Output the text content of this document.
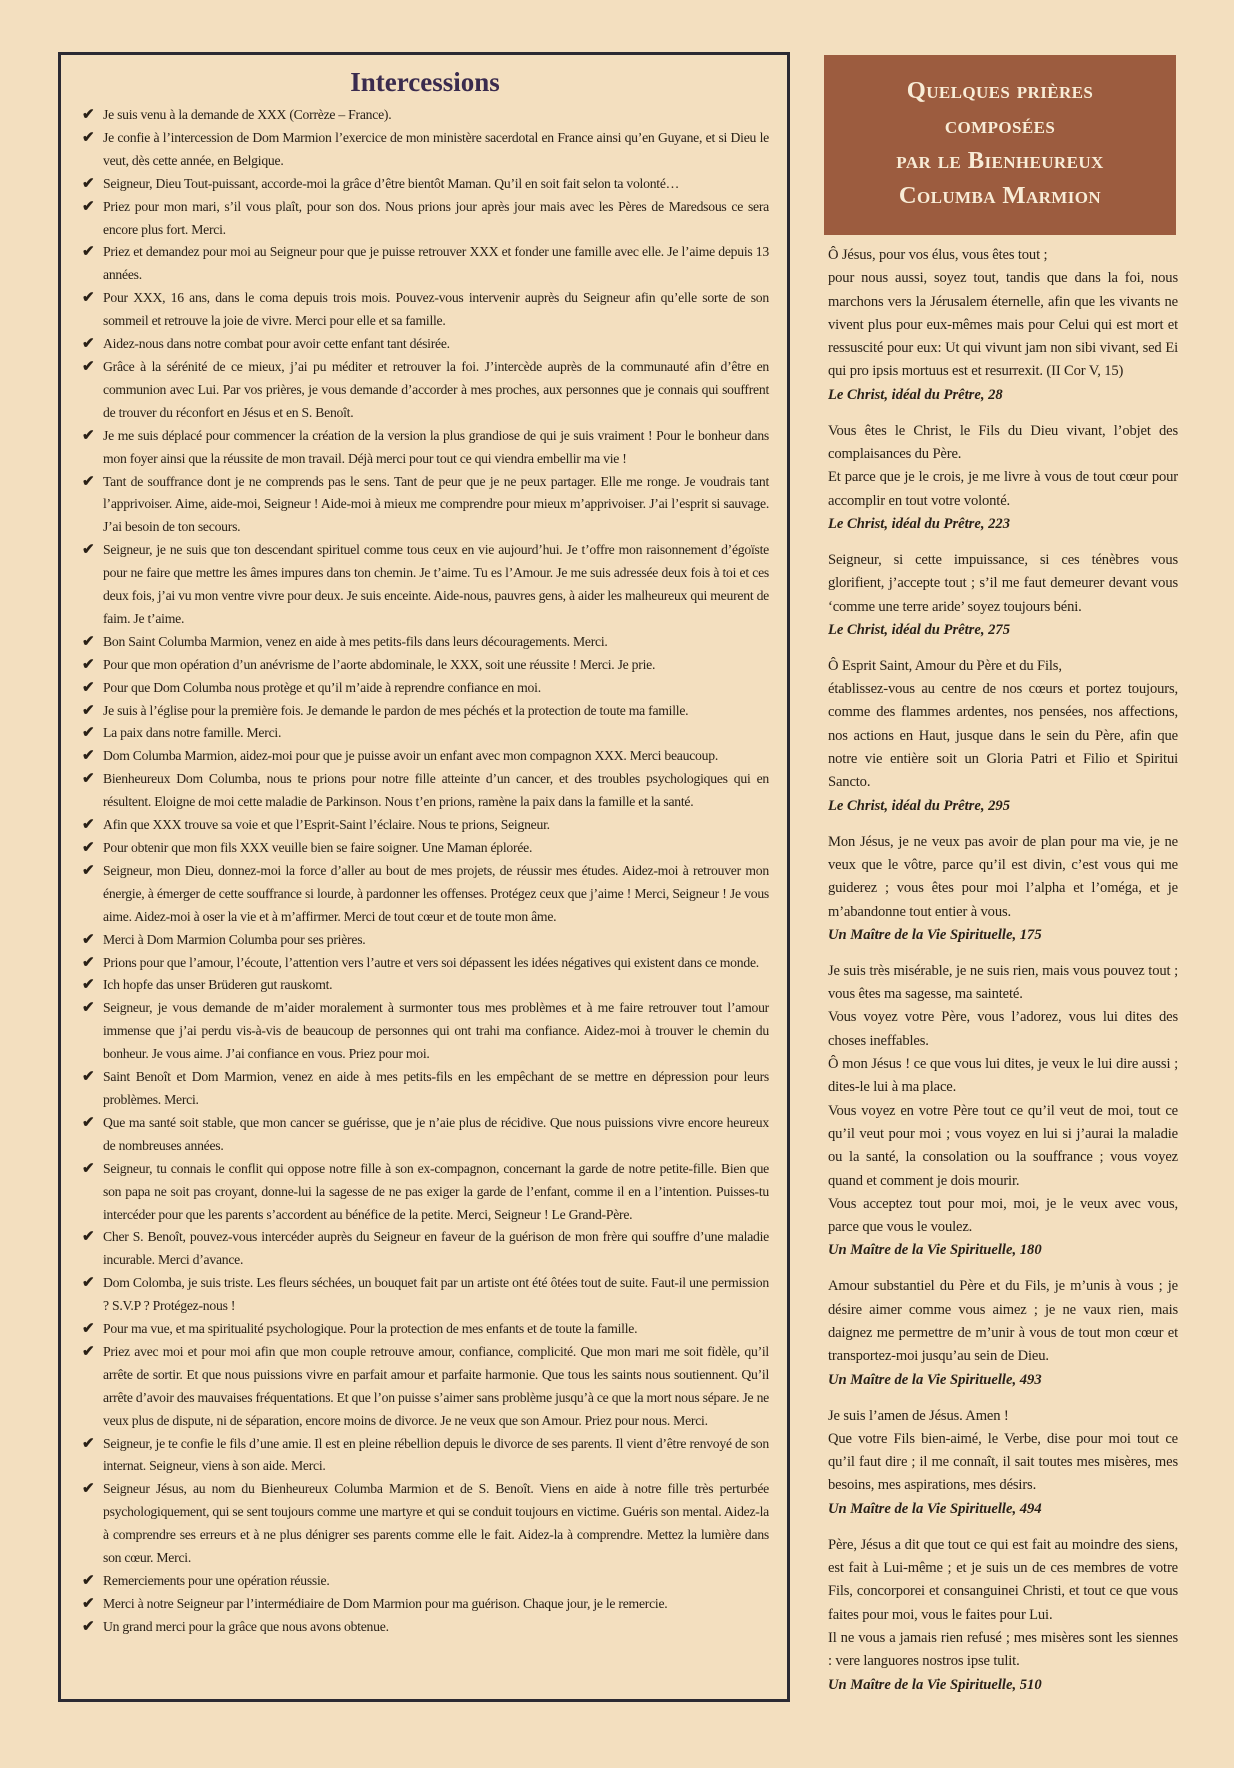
Intercessions
✔ Je suis venu à la demande de XXX (Corrèze – France).
✔ Je confie à l’intercession de Dom Marmion l’exercice de mon ministère sacerdotal en France ainsi qu’en Guyane, et si Dieu le veut, dès cette année, en Belgique.
✔ Seigneur, Dieu Tout-puissant, accorde-moi la grâce d’être bientôt Maman. Qu’il en soit fait selon ta volonté…
✔ Priez pour mon mari, s’il vous plaît, pour son dos. Nous prions jour après jour mais avec les Pères de Maredsous ce sera encore plus fort. Merci.
✔ Priez et demandez pour moi au Seigneur pour que je puisse retrouver XXX et fonder une famille avec elle. Je l’aime depuis 13 années.
✔ Pour XXX, 16 ans, dans le coma depuis trois mois. Pouvez-vous intervenir auprès du Seigneur afin qu’elle sorte de son sommeil et retrouve la joie de vivre. Merci pour elle et sa famille.
✔ Aidez-nous dans notre combat pour avoir cette enfant tant désirée.
✔ Grâce à la sérénité de ce mieux, j’ai pu méditer et retrouver la foi. J’intercède auprès de la communauté afin d’être en communion avec Lui. Par vos prières, je vous demande d’accorder à mes proches, aux personnes que je connais qui souffrent de trouver du réconfort en Jésus et en S. Benoît.
✔ Je me suis déplacé pour commencer la création de la version la plus grandiose de qui je suis vraiment ! Pour le bonheur dans mon foyer ainsi que la réussite de mon travail. Déjà merci pour tout ce qui viendra embellir ma vie !
✔ Tant de souffrance dont je ne comprends pas le sens. Tant de peur que je ne peux partager. Elle me ronge. Je voudrais tant l’apprivoiser. Aime, aide-moi, Seigneur ! Aide-moi à mieux me comprendre pour mieux m’apprivoiser. J’ai l’esprit si sauvage. J’ai besoin de ton secours.
✔ Seigneur, je ne suis que ton descendant spirituel comme tous ceux en vie aujourd’hui. Je t’offre mon raisonnement d’égoïste pour ne faire que mettre les âmes impures dans ton chemin. Je t’aime. Tu es l’Amour. Je me suis adressée deux fois à toi et ces deux fois, j’ai vu mon ventre vivre pour deux. Je suis enceinte. Aide-nous, pauvres gens, à aider les malheureux qui meurent de faim. Je t’aime.
✔ Bon Saint Columba Marmion, venez en aide à mes petits-fils dans leurs découragements. Merci.
✔ Pour que mon opération d’un anévrisme de l’aorte abdominale, le XXX, soit une réussite ! Merci. Je prie.
✔ Pour que Dom Columba nous protège et qu’il m’aide à reprendre confiance en moi.
✔ Je suis à l’église pour la première fois. Je demande le pardon de mes péchés et la protection de toute ma famille.
✔ La paix dans notre famille. Merci.
✔ Dom Columba Marmion, aidez-moi pour que je puisse avoir un enfant avec mon compagnon XXX. Merci beaucoup.
✔ Bienheureux Dom Columba, nous te prions pour notre fille atteinte d’un cancer, et des troubles psychologiques qui en résultent. Eloigne de moi cette maladie de Parkinson. Nous t’en prions, ramène la paix dans la famille et la santé.
✔ Afin que XXX trouve sa voie et que l’Esprit-Saint l’éclaire. Nous te prions, Seigneur.
✔ Pour obtenir que mon fils XXX veuille bien se faire soigner. Une Maman éplorée.
✔ Seigneur, mon Dieu, donnez-moi la force d’aller au bout de mes projets, de réussir mes études. Aidez-moi à retrouver mon énergie, à émerger de cette souffrance si lourde, à pardonner les offenses. Protégez ceux que j’aime ! Merci, Seigneur ! Je vous aime. Aidez-moi à oser la vie et à m’affirmer. Merci de tout cœur et de toute mon âme.
✔ Merci à Dom Marmion Columba pour ses prières.
✔ Prions pour que l’amour, l’écoute, l’attention vers l’autre et vers soi dépassent les idées négatives qui existent dans ce monde.
✔ Ich hopfe das unser Brüderen gut rauskomt.
✔ Seigneur, je vous demande de m’aider moralement à surmonter tous mes problèmes et à me faire retrouver tout l’amour immense que j’ai perdu vis-à-vis de beaucoup de personnes qui ont trahi ma confiance. Aidez-moi à trouver le chemin du bonheur. Je vous aime. J’ai confiance en vous. Priez pour moi.
✔ Saint Benoît et Dom Marmion, venez en aide à mes petits-fils en les empêchant de se mettre en dépression pour leurs problèmes. Merci.
✔ Que ma santé soit stable, que mon cancer se guérisse, que je n’aie plus de récidive. Que nous puissions vivre encore heureux de nombreuses années.
✔ Seigneur, tu connais le conflit qui oppose notre fille à son ex-compagnon, concernant la garde de notre petite-fille. Bien que son papa ne soit pas croyant, donne-lui la sagesse de ne pas exiger la garde de l’enfant, comme il en a l’intention. Puisses-tu intercéder pour que les parents s’accordent au bénéfice de la petite. Merci, Seigneur ! Le Grand-Père.
✔ Cher S. Benoît, pouvez-vous intercéder auprès du Seigneur en faveur de la guérison de mon frère qui souffre d’une maladie incurable. Merci d’avance.
✔ Dom Colomba, je suis triste. Les fleurs séchées, un bouquet fait par un artiste ont été ôtées tout de suite. Faut-il une permission ? S.V.P ? Protégez-nous !
✔ Pour ma vue, et ma spiritualité psychologique. Pour la protection de mes enfants et de toute la famille.
✔ Priez avec moi et pour moi afin que mon couple retrouve amour, confiance, complicité. Que mon mari me soit fidèle, qu’il arrête de sortir. Et que nous puissions vivre en parfait amour et parfaite harmonie. Que tous les saints nous soutiennent. Qu’il arrête d’avoir des mauvaises fréquentations. Et que l’on puisse s’aimer sans problème jusqu’à ce que la mort nous sépare. Je ne veux plus de dispute, ni de séparation, encore moins de divorce. Je ne veux que son Amour. Priez pour nous. Merci.
✔ Seigneur, je te confie le fils d’une amie. Il est en pleine rébellion depuis le divorce de ses parents. Il vient d’être renvoyé de son internat. Seigneur, viens à son aide. Merci.
✔ Seigneur Jésus, au nom du Bienheureux Columba Marmion et de S. Benoît. Viens en aide à notre fille très perturbée psychologiquement, qui se sent toujours comme une martyre et qui se conduit toujours en victime. Guéris son mental. Aidez-la à comprendre ses erreurs et à ne plus dénigrer ses parents comme elle le fait. Aidez-la à comprendre. Mettez la lumière dans son cœur. Merci.
✔ Remerciements pour une opération réussie.
✔ Merci à notre Seigneur par l’intermédiaire de Dom Marmion pour ma guérison. Chaque jour, je le remercie.
✔ Un grand merci pour la grâce que nous avons obtenue.
Quelques prières
composées
par le Bienheureux
Columba Marmion
Ô Jésus, pour vos élus, vous êtes tout ;
pour nous aussi, soyez tout, tandis que dans la foi, nous marchons vers la Jérusalem éternelle, afin que les vivants ne vivent plus pour eux-mêmes mais pour Celui qui est mort et ressuscité pour eux: Ut qui vivunt jam non sibi vivant, sed Ei qui pro ipsis mortuus est et resurrexit. (II Cor V, 15)
Le Christ, idéal du Prêtre, 28
Vous êtes le Christ, le Fils du Dieu vivant, l’objet des complaisances du Père.
Et parce que je le crois, je me livre à vous de tout cœur pour accomplir en tout votre volonté.
Le Christ, idéal du Prêtre, 223
Seigneur, si cette impuissance, si ces ténèbres vous glorifient, j’accepte tout ; s’il me faut demeurer devant vous ‘comme une terre aride’ soyez toujours béni.
Le Christ, idéal du Prêtre, 275
Ô Esprit Saint, Amour du Père et du Fils,
établissez-vous au centre de nos cœurs et portez toujours, comme des flammes ardentes, nos pensées, nos affections, nos actions en Haut, jusque dans le sein du Père, afin que notre vie entière soit un Gloria Patri et Filio et Spiritui Sancto.
Le Christ, idéal du Prêtre, 295
Mon Jésus, je ne veux pas avoir de plan pour ma vie, je ne veux que le vôtre, parce qu’il est divin, c’est vous qui me guiderez ; vous êtes pour moi l’alpha et l’oméga, et je m’abandonne tout entier à vous.
Un Maître de la Vie Spirituelle, 175
Je suis très misérable, je ne suis rien, mais vous pouvez tout ; vous êtes ma sagesse, ma sainteté.
Vous voyez votre Père, vous l’adorez, vous lui dites des choses ineffables.
Ô mon Jésus ! ce que vous lui dites, je veux le lui dire aussi ; dites-le lui à ma place.
Vous voyez en votre Père tout ce qu’il veut de moi, tout ce qu’il veut pour moi ; vous voyez en lui si j’aurai la maladie ou la santé, la consolation ou la souffrance ; vous voyez quand et comment je dois mourir.
Vous acceptez tout pour moi, moi, je le veux avec vous, parce que vous le voulez.
Un Maître de la Vie Spirituelle, 180
Amour substantiel du Père et du Fils, je m’unis à vous ; je désire aimer comme vous aimez ; je ne vaux rien, mais daignez me permettre de m’unir à vous de tout mon cœur et transportez-moi jusqu’au sein de Dieu.
Un Maître de la Vie Spirituelle, 493
Je suis l’amen de Jésus. Amen !
Que votre Fils bien-aimé, le Verbe, dise pour moi tout ce qu’il faut dire ; il me connaît, il sait toutes mes misères, mes besoins, mes aspirations, mes désirs.
Un Maître de la Vie Spirituelle, 494
Père, Jésus a dit que tout ce qui est fait au moindre des siens, est fait à Lui-même ; et je suis un de ces membres de votre Fils, concorporei et consanguinei Christi, et tout ce que vous faites pour moi, vous le faites pour Lui.
Il ne vous a jamais rien refusé ; mes misères sont les siennes : vere languores nostros ipse tulit.
Un Maître de la Vie Spirituelle, 510
